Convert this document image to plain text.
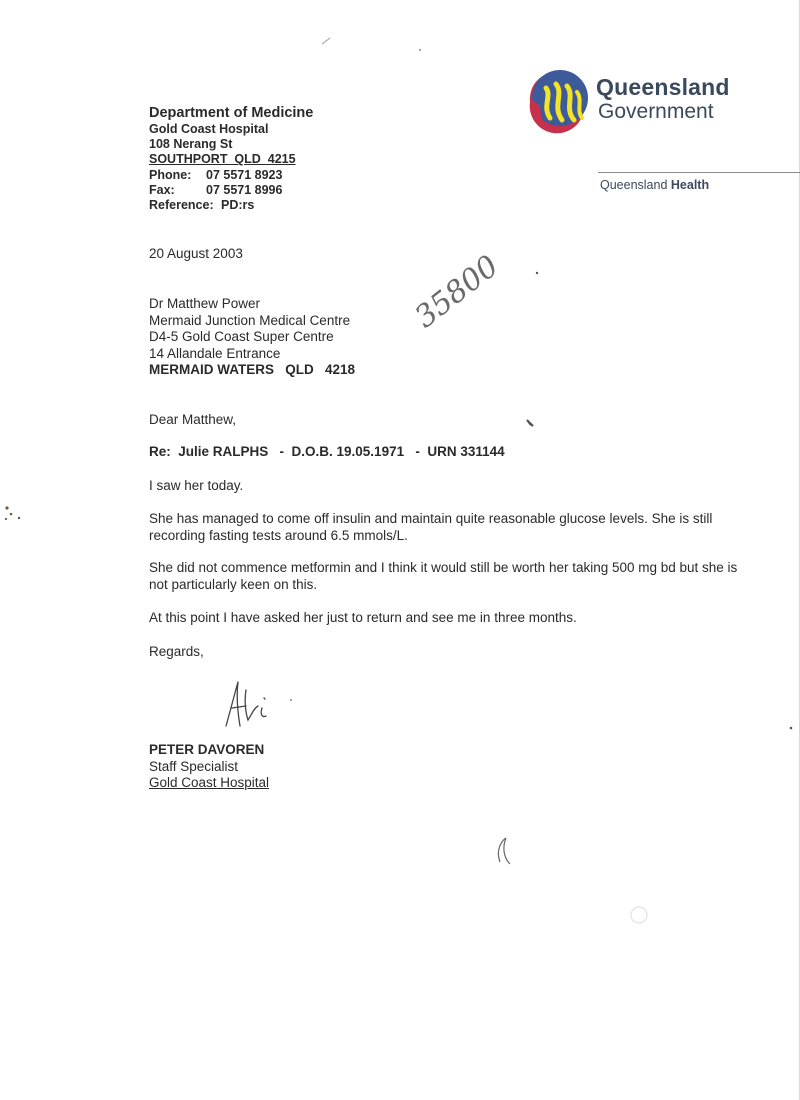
Queensland
Government
Queensland Health
Department of Medicine
Gold Coast Hospital
108 Nerang St
SOUTHPORT  QLD  4215
Phone: 07 5571 8923
Fax:	07 5571 8996
Reference: PD:rs
20 August 2003
Dr Matthew Power
Mermaid Junction Medical Centre
D4-5 Gold Coast Super Centre
14 Allandale Entrance
MERMAID WATERS   QLD   4218
35800
Dear Matthew,
Re:  Julie RALPHS   -  D.O.B. 19.05.1971   -  URN 331144
I saw her today.
She has managed to come off insulin and maintain quite reasonable glucose levels. She is still recording fasting tests around 6.5 mmols/L.
She did not commence metformin and I think it would still be worth her taking 500 mg bd but she is not particularly keen on this.
At this point I have asked her just to return and see me in three months.
Regards,
PETER DAVOREN
Staff Specialist
Gold Coast Hospital
